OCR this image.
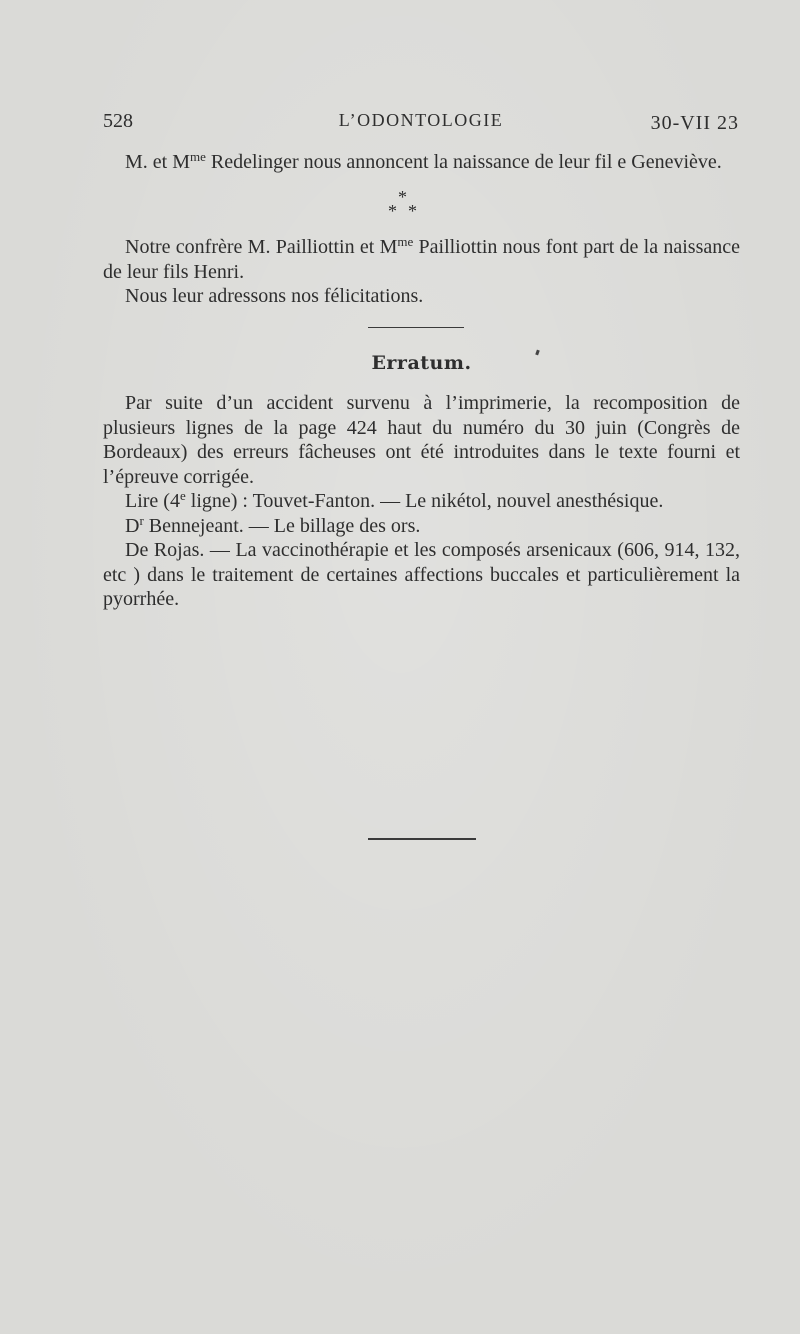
528	L’ODONTOLOGIE	30-VII 23

M. et $M^{me}$ Redelinger nous annoncent la naissance de leur fil e Geneviève.

*
* *

Notre confrère M. Pailliottin et $M^{me}$ Pailliottin nous font part de la naissance de leur fils Henri.

Nous leur adressons nos félicitations.

Erratum.

Par suite d’un accident survenu à l’imprimerie, la recomposition de plusieurs lignes de la page 424 haut du numéro du 30 juin (Congrès de Bordeaux) des erreurs fâcheuses ont été introduites dans le texte fourni et l’épreuve corrigée.

Lire (4e ligne) : Touvet-Fanton. — Le nikétol, nouvel anesthésique.

$D^r$ Bennejeant. — Le billage des ors.

De Rojas. — La vaccinothérapie et les composés arsenicaux (606, 914, 132, etc ) dans le traitement de certaines affections buccales et particulièrement la pyorrhée.
